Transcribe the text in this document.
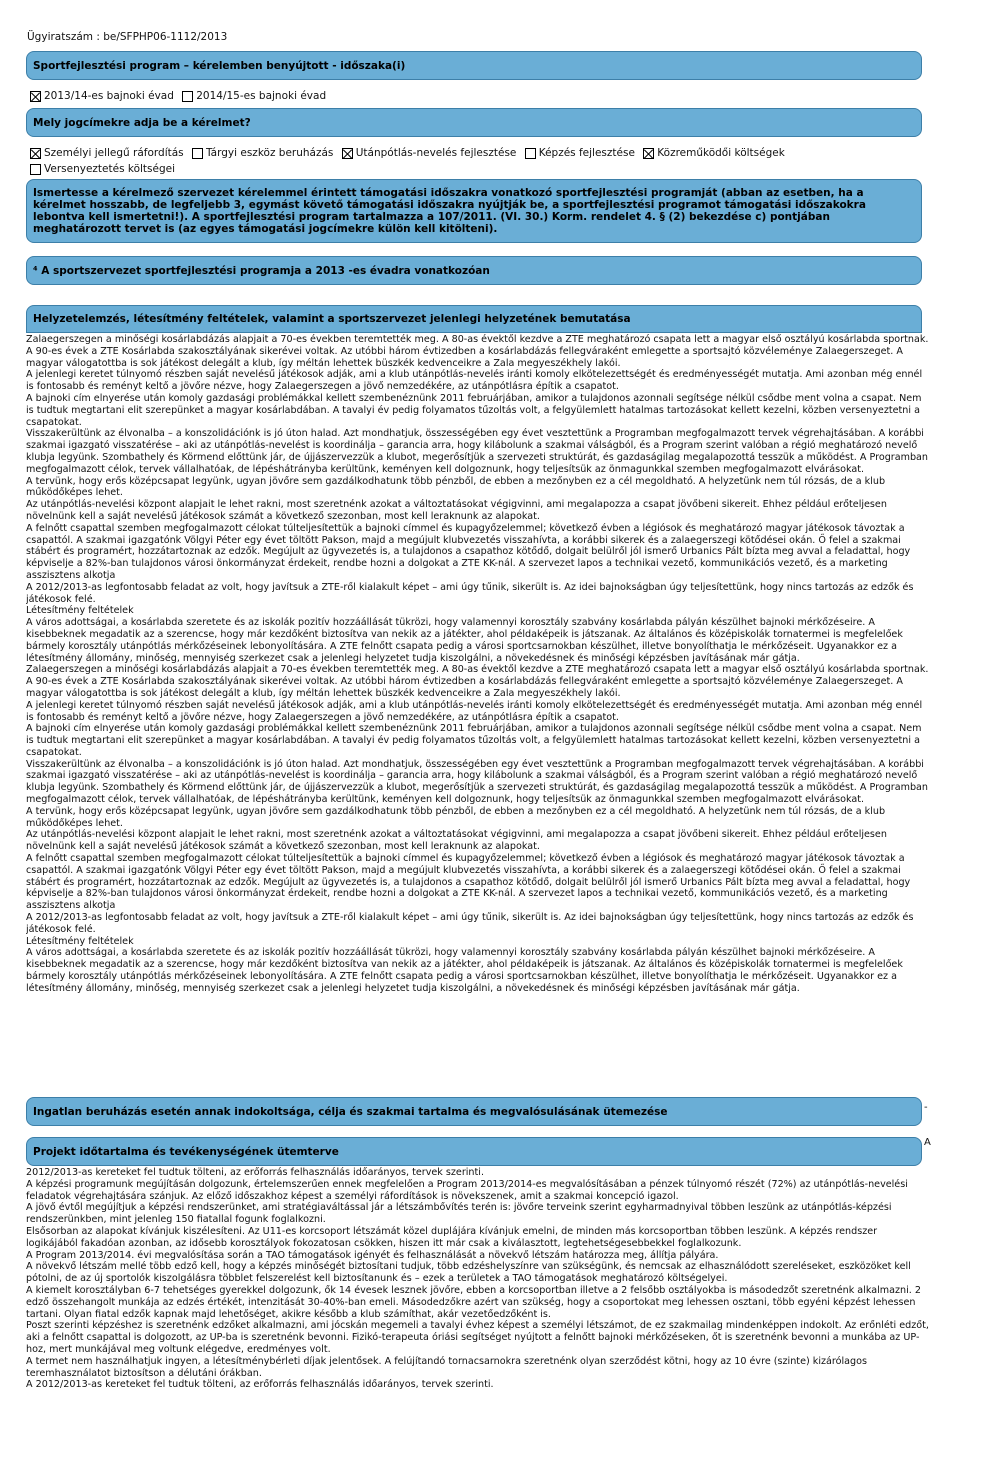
Ügyiratszám : be/SFPHP06-1112/2013
Sportfejlesztési program – kérelemben benyújtott - időszaka(i)
2013/14-es bajnoki évad
2014/15-es bajnoki évad
Mely jogcímekre adja be a kérelmet?
Személyi jellegű ráfordítás
Tárgyi eszköz beruházás
Utánpótlás-nevelés fejlesztése
Képzés fejlesztése
Közreműködői költségek

Versenyeztetés költségei
Ismertesse a kérelmező szervezet kérelemmel érintett támogatási időszakra vonatkozó sportfejlesztési programját (abban az esetben, ha a kérelmet hosszabb, de legfeljebb 3, egymást követő támogatási időszakra nyújtják be, a sportfejlesztési programot támogatási időszakokra lebontva kell ismertetni!). A sportfejlesztési program tartalmazza a 107/2011. (VI. 30.) Korm. rendelet 4. § (2) bekezdése c) pontjában meghatározott tervet is (az egyes támogatási jogcímekre külön kell kitölteni).
⁴ A sportszervezet sportfejlesztési programja a 2013 -es évadra vonatkozóan
Helyzetelemzés, létesítmény feltételek, valamint a sportszervezet jelenlegi helyzetének bemutatása

Zalaegerszegen a minőségi kosárlabdázás alapjait a 70-es években teremtették meg. A 80-as évektől kezdve a ZTE meghatározó csapata lett a magyar első osztályú kosárlabda sportnak. A 90-es évek a ZTE Kosárlabda szakosztályának sikerévei voltak. Az utóbbi három évtizedben a kosárlabdázás fellegváraként emlegette a sportsajtó közvéleménye Zalaegerszeget. A magyar válogatottba is sok játékost delegált a klub, így méltán lehettek büszkék kedvenceikre a Zala megyeszékhely lakói.

A jelenlegi keretet túlnyomó részben saját nevelésű játékosok adják, ami a klub utánpótlás-nevelés iránti komoly elkötelezettségét és eredményességét mutatja. Ami azonban még ennél is fontosabb és reményt keltő a jövőre nézve, hogy Zalaegerszegen a jövő nemzedékére, az utánpótlásra építik a csapatot.

A bajnoki cím elnyerése után komoly gazdasági problémákkal kellett szembenéznünk 2011 februárjában, amikor a tulajdonos azonnali segítsége nélkül csődbe ment volna a csapat. Nem is tudtuk megtartani elit szerepünket a magyar kosárlabdában. A tavalyi év pedig folyamatos tűzoltás volt, a felgyülemlett hatalmas tartozásokat kellett kezelni, közben versenyeztetni a csapatokat.

Visszakerültünk az élvonalba – a konszolidációnk is jó úton halad. Azt mondhatjuk, összességében egy évet vesztettünk a Programban megfogalmazott tervek végrehajtásában. A korábbi szakmai igazgató visszatérése – aki az utánpótlás-nevelést is koordinálja – garancia arra, hogy kilábolunk a szakmai válságból, és a Program szerint valóban a régió meghatározó nevelő klubja legyünk. Szombathely és Körmend előttünk jár, de újjászervezzük a klubot, megerősítjük a szervezeti struktúrát, és gazdaságilag megalapozottá tesszük a működést. A Programban megfogalmazott célok, tervek vállalhatóak, de lépéshátrányba kerültünk, keményen kell dolgoznunk, hogy teljesítsük az önmagunkkal szemben megfogalmazott elvárásokat.

A tervünk, hogy erős középcsapat legyünk, ugyan jövőre sem gazdálkodhatunk több pénzből, de ebben a mezőnyben ez a cél megoldható. A helyzetünk nem túl rózsás, de a klub működőképes lehet.

Az utánpótlás-nevelési központ alapjait le lehet rakni, most szeretnénk azokat a változtatásokat végigvinni, ami megalapozza a csapat jövőbeni sikereit. Ehhez például erőteljesen növelnünk kell a saját nevelésű játékosok számát a következő szezonban, most kell leraknunk az alapokat.

A felnőtt csapattal szemben megfogalmazott célokat túlteljesítettük a bajnoki címmel és kupagyőzelemmel; következő évben a légiósok és meghatározó magyar játékosok távoztak a csapattól. A szakmai igazgatónk Völgyi Péter egy évet töltött Pakson, majd a megújult klubvezetés visszahívta, a korábbi sikerek és a zalaegerszegi kötődései okán. Ő felel a szakmai stábért és programért, hozzátartoznak az edzők. Megújult az ügyvezetés is, a tulajdonos a csapathoz kötődő, dolgait belülről jól ismerő Urbanics Pált bízta meg avval a feladattal, hogy képviselje a 82%-ban tulajdonos városi önkormányzat érdekeit, rendbe hozni a dolgokat a ZTE KK-nál. A szervezet lapos a technikai vezető, kommunikációs vezető, és a marketing asszisztens alkotja

A 2012/2013-as legfontosabb feladat az volt, hogy javítsuk a ZTE-ről kialakult képet – ami úgy tűnik, sikerült is. Az idei bajnokságban úgy teljesítettünk, hogy nincs tartozás az edzők és játékosok felé.

Létesítmény feltételek

A város adottságai, a kosárlabda szeretete és az iskolák pozitív hozzáállását tükrözi, hogy valamennyi korosztály szabvány kosárlabda pályán készülhet bajnoki mérkőzéseire. A kisebbeknek megadatik az a szerencse, hogy már kezdőként biztosítva van nekik az a játékter, ahol példaképeik is játszanak. Az általános és középiskolák tornatermei is megfelelőek bármely korosztály utánpótlás mérkőzéseinek lebonyolítására. A ZTE felnőtt csapata pedig a városi sportcsarnokban készülhet, illetve bonyolíthatja le mérkőzéseit. Ugyanakkor ez a létesítmény állomány, minőség, mennyiség szerkezet csak a jelenlegi helyzetet tudja kiszolgálni, a növekedésnek és minőségi képzésben javításának már gátja.

Zalaegerszegen a minőségi kosárlabdázás alapjait a 70-es években teremtették meg. A 80-as évektől kezdve a ZTE meghatározó csapata lett a magyar első osztályú kosárlabda sportnak. A 90-es évek a ZTE Kosárlabda szakosztályának sikerévei voltak. Az utóbbi három évtizedben a kosárlabdázás fellegváraként emlegette a sportsajtó közvéleménye Zalaegerszeget. A magyar válogatottba is sok játékost delegált a klub, így méltán lehettek büszkék kedvenceikre a Zala megyeszékhely lakói.

A jelenlegi keretet túlnyomó részben saját nevelésű játékosok adják, ami a klub utánpótlás-nevelés iránti komoly elkötelezettségét és eredményességét mutatja. Ami azonban még ennél is fontosabb és reményt keltő a jövőre nézve, hogy Zalaegerszegen a jövő nemzedékére, az utánpótlásra építik a csapatot.

A bajnoki cím elnyerése után komoly gazdasági problémákkal kellett szembenéznünk 2011 februárjában, amikor a tulajdonos azonnali segítsége nélkül csődbe ment volna a csapat. Nem is tudtuk megtartani elit szerepünket a magyar kosárlabdában. A tavalyi év pedig folyamatos tűzoltás volt, a felgyülemlett hatalmas tartozásokat kellett kezelni, közben versenyeztetni a csapatokat.

Visszakerültünk az élvonalba – a konszolidációnk is jó úton halad. Azt mondhatjuk, összességében egy évet vesztettünk a Programban megfogalmazott tervek végrehajtásában. A korábbi szakmai igazgató visszatérése – aki az utánpótlás-nevelést is koordinálja – garancia arra, hogy kilábolunk a szakmai válságból, és a Program szerint valóban a régió meghatározó nevelő klubja legyünk. Szombathely és Körmend előttünk jár, de újjászervezzük a klubot, megerősítjük a szervezeti struktúrát, és gazdaságilag megalapozottá tesszük a működést. A Programban megfogalmazott célok, tervek vállalhatóak, de lépéshátrányba kerültünk, keményen kell dolgoznunk, hogy teljesítsük az önmagunkkal szemben megfogalmazott elvárásokat.

A tervünk, hogy erős középcsapat legyünk, ugyan jövőre sem gazdálkodhatunk több pénzből, de ebben a mezőnyben ez a cél megoldható. A helyzetünk nem túl rózsás, de a klub működőképes lehet.

Az utánpótlás-nevelési központ alapjait le lehet rakni, most szeretnénk azokat a változtatásokat végigvinni, ami megalapozza a csapat jövőbeni sikereit. Ehhez például erőteljesen növelnünk kell a saját nevelésű játékosok számát a következő szezonban, most kell leraknunk az alapokat.

A felnőtt csapattal szemben megfogalmazott célokat túlteljesítettük a bajnoki címmel és kupagyőzelemmel; következő évben a légiósok és meghatározó magyar játékosok távoztak a csapattól. A szakmai igazgatónk Völgyi Péter egy évet töltött Pakson, majd a megújult klubvezetés visszahívta, a korábbi sikerek és a zalaegerszegi kötődései okán. Ő felel a szakmai stábért és programért, hozzátartoznak az edzők. Megújult az ügyvezetés is, a tulajdonos a csapathoz kötődő, dolgait belülről jól ismerő Urbanics Pált bízta meg avval a feladattal, hogy képviselje a 82%-ban tulajdonos városi önkormányzat érdekeit, rendbe hozni a dolgokat a ZTE KK-nál. A szervezet lapos a technikai vezető, kommunikációs vezető, és a marketing asszisztens alkotja

A 2012/2013-as legfontosabb feladat az volt, hogy javítsuk a ZTE-ről kialakult képet – ami úgy tűnik, sikerült is. Az idei bajnokságban úgy teljesítettünk, hogy nincs tartozás az edzők és játékosok felé.

Létesítmény feltételek

A város adottságai, a kosárlabda szeretete és az iskolák pozitív hozzáállását tükrözi, hogy valamennyi korosztály szabvány kosárlabda pályán készülhet bajnoki mérkőzéseire. A kisebbeknek megadatik az a szerencse, hogy már kezdőként biztosítva van nekik az a játékter, ahol példaképeik is játszanak. Az általános és középiskolák tornatermei is megfelelőek bármely korosztály utánpótlás mérkőzéseinek lebonyolítására. A ZTE felnőtt csapata pedig a városi sportcsarnokban készülhet, illetve bonyolíthatja le mérkőzéseit. Ugyanakkor ez a létesítmény állomány, minőség, mennyiség szerkezet csak a jelenlegi helyzetet tudja kiszolgálni, a növekedésnek és minőségi képzésben javításának már gátja.

Ingatlan beruházás esetén annak indokoltsága, célja és szakmai tartalma és megvalósulásának ütemezése	-
Projekt időtartalma és tevékenységének ütemterve
A

2012/2013-as kereteket fel tudtuk tölteni, az erőforrás felhasználás időarányos, tervek szerinti.

A képzési programunk megújításán dolgozunk, értelemszerűen ennek megfelelően a Program 2013/2014-es megvalósításában a pénzek túlnyomó részét (72%) az utánpótlás-nevelési feladatok végrehajtására szánjuk. Az előző időszakhoz képest a személyi ráfordítások is növekszenek, amit a szakmai koncepció igazol.

A jövő évtől megújítjuk a képzési rendszerünket, ami stratégiaváltással jár a létszámbővítés terén is: jövőre terveink szerint egyharmadnyival többen leszünk az utánpótlás-képzési rendszerünkben, mint jelenleg 150 fiatallal fogunk foglalkozni.

Elsősorban az alapokat kívánjuk kiszélesíteni. Az U11-es korcsoport létszámát közel duplájára kívánjuk emelni, de minden más korcsoportban többen leszünk. A képzés rendszer logikájából fakadóan azonban, az idősebb korosztályok fokozatosan csökken, hiszen itt már csak a kiválasztott, legtehetségesebbekkel foglalkozunk.

A Program 2013/2014. évi megvalósítása során a TAO támogatások igényét és felhasználását a növekvő létszám határozza meg, állítja pályára.

A növekvő létszám mellé több edző kell, hogy a képzés minőségét biztosítani tudjuk, több edzéshelyszínre van szükségünk, és nemcsak az elhasználódott szereléseket, eszközöket kell pótolni, de az új sportolók kiszolgálásra többlet felszerelést kell biztosítanunk és – ezek a területek a TAO támogatások meghatározó költségelyei.

A kiemelt korosztályban 6-7 tehetséges gyerekkel dolgozunk, ők 14 évesek lesznek jövőre, ebben a korcsoportban illetve a 2 felsőbb osztályokba is másodedzőt szeretnénk alkalmazni. 2 edző összehangolt munkája az edzés értékét, intenzitását 30-40%-ban emeli. Másodedzőkre azért van szükség, hogy a csoportokat meg lehessen osztani, több egyéni képzést lehessen tartani. Olyan fiatal edzők kapnak majd lehetőséget, akikre később a klub számíthat, akár vezetőedzőként is.

Poszt szerinti képzéshez is szeretnénk edzőket alkalmazni, ami jócskán megemeli a tavalyi évhez képest a személyi létszámot, de ez szakmailag mindenképpen indokolt. Az erőnléti edzőt, aki a felnőtt csapattal is dolgozott, az UP-ba is szeretnénk bevonni. Fizikó-terapeuta óriási segítséget nyújtott a felnőtt bajnoki mérkőzéseken, őt is szeretnénk bevonni a munkába az UP-hoz, mert munkájával meg voltunk elégedve, eredményes volt.

A termet nem használhatjuk ingyen, a létesítménybérleti díjak jelentősek. A felújítandó tornacsarnokra szeretnénk olyan szerződést kötni, hogy az 10 évre (szinte) kizárólagos teremhasználatot biztosítson a délutáni órákban.

A 2012/2013-as kereteket fel tudtuk tölteni, az erőforrás felhasználás időarányos, tervek szerinti.
